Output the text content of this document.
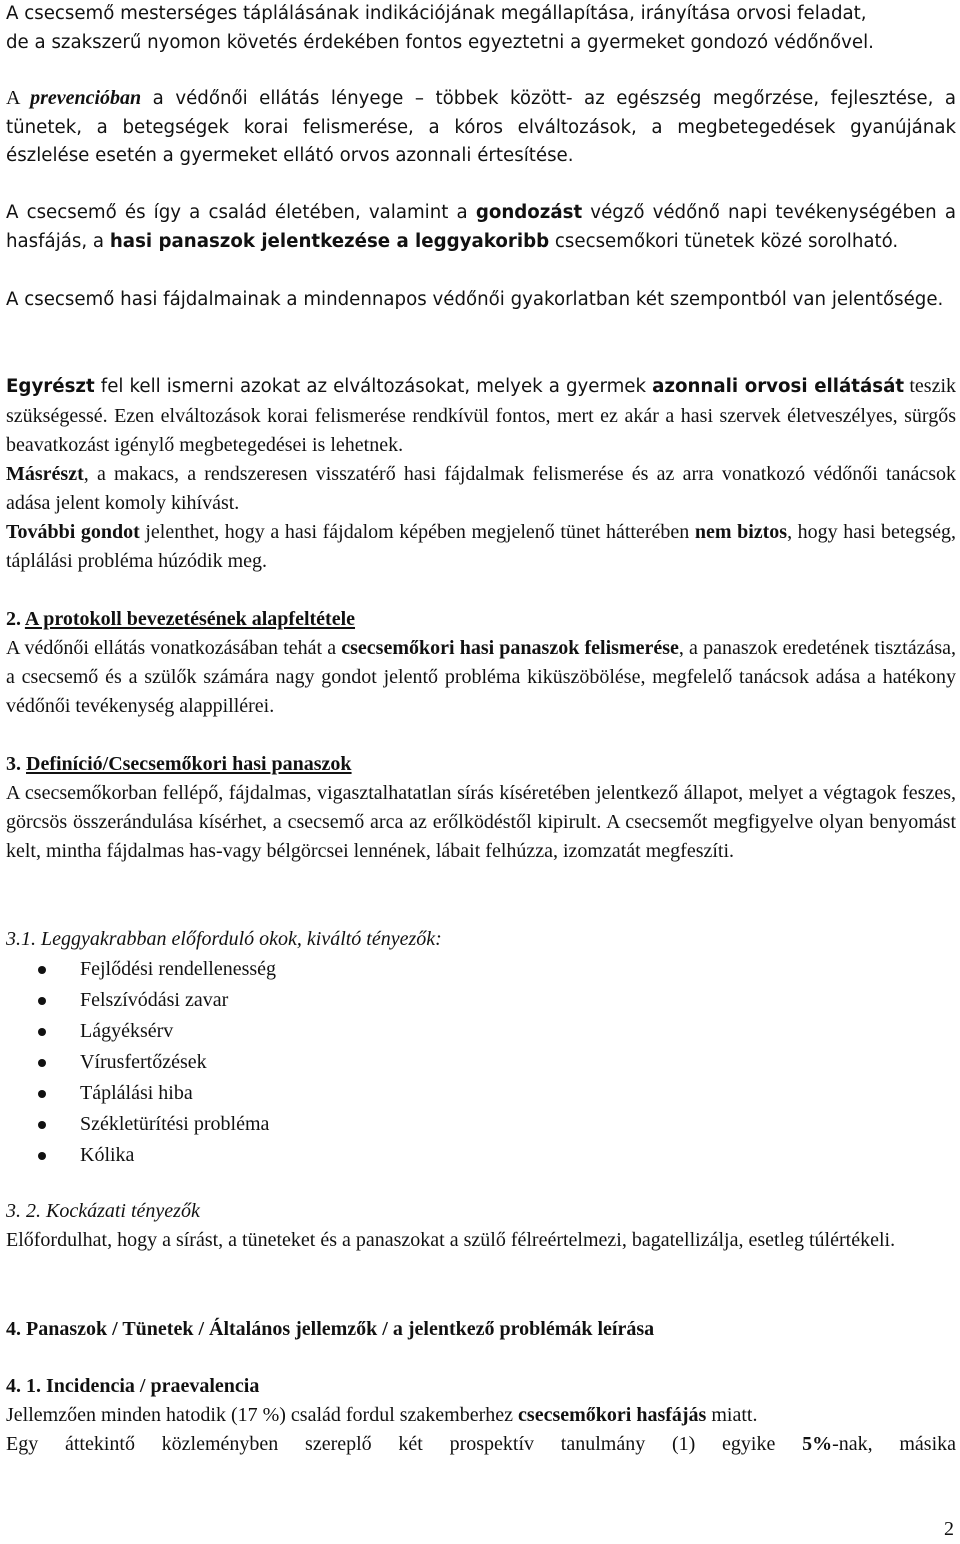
A csecsemő mesterséges táplálásának indikációjának megállapítása, irányítása orvosi feladat,
de a szakszerű nyomon követés érdekében fontos egyeztetni a gyermeket gondozó védőnővel.

A prevencióban a védőnői ellátás lényege – többek között- az egészség megőrzése, fejlesztése, a tünetek, a betegségek korai felismerése, a kóros elváltozások, a megbetegedések gyanújának észlelése esetén a gyermeket ellátó orvos azonnali értesítése.

A csecsemő és így a család életében, valamint a gondozást végző védőnő napi tevékenységében a hasfájás, a hasi panaszok jelentkezése a leggyakoribb csecsemőkori tünetek közé sorolható.

A csecsemő hasi fájdalmainak a mindennapos védőnői gyakorlatban két szempontból van jelentősége.

Egyrészt fel kell ismerni azokat az elváltozásokat, melyek a gyermek azonnali orvosi ellátását teszik szükségessé. Ezen elváltozások korai felismerése rendkívül fontos, mert ez akár a hasi szervek életveszélyes, sürgős beavatkozást igénylő megbetegedései is lehetnek.

Másrészt, a makacs, a rendszeresen visszatérő hasi fájdalmak felismerése és az arra vonatkozó védőnői tanácsok adása jelent komoly kihívást.

További gondot jelenthet, hogy a hasi fájdalom képében megjelenő tünet hátterében nem biztos, hogy hasi betegség, táplálási probléma húzódik meg.

2. A protokoll bevezetésének alapfeltétele

A védőnői ellátás vonatkozásában tehát a csecsemőkori hasi panaszok felismerése, a panaszok eredetének tisztázása, a csecsemő és a szülők számára nagy gondot jelentő probléma kiküszöbölése, megfelelő tanácsok adása a hatékony védőnői tevékenység alappillérei.

3. Definíció/Csecsemőkori hasi panaszok

A csecsemőkorban fellépő, fájdalmas, vigasztalhatatlan sírás kíséretében jelentkező állapot, melyet a végtagok feszes, görcsös összerándulása kísérhet, a csecsemő arca az erőlködéstől kipirult. A csecsemőt megfigyelve olyan benyomást kelt, mintha fájdalmas has-vagy bélgörcsei lennének, lábait felhúzza, izomzatát megfeszíti.

3.1. Leggyakrabban előforduló okok, kiváltó tényezők:
Fejlődési rendellenesség
Felszívódási zavar
Lágyéksérv
Vírusfertőzések
Táplálási hiba
Székletürítési probléma
Kólika
3. 2. Kockázati tényezők

Előfordulhat, hogy a sírást, a tüneteket és a panaszokat a szülő félreértelmezi, bagatellizálja, esetleg túlértékeli.

4. Panaszok / Tünetek / Általános jellemzők / a jelentkező problémák leírása
4. 1. Incidencia / praevalencia
Jellemzően minden hatodik (17 %) család fordul szakemberhez csecsemőkori hasfájás miatt.
Egy áttekintő közleményben szereplő két prospektív tanulmány (1) egyike 5%-nak, másika
2
